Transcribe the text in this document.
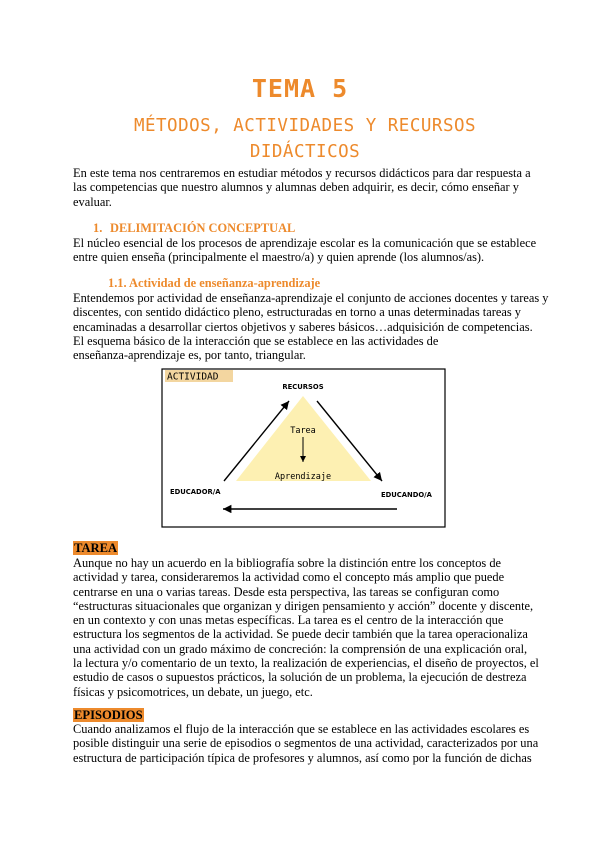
TEMA 5
MÉTODOS, ACTIVIDADES Y RECURSOS
DIDÁCTICOS
En este tema nos centraremos en estudiar métodos y recursos didácticos para dar respuesta a
las competencias que nuestro alumnos y alumnas deben adquirir, es decir, cómo enseñar y
evaluar.
1. DELIMITACIÓN CONCEPTUAL
El núcleo esencial de los procesos de aprendizaje escolar es la comunicación que se establece
entre quien enseña (principalmente el maestro/a) y quien aprende (los alumnos/as).
1.1. Actividad de enseñanza-aprendizaje
Entendemos por actividad de enseñanza-aprendizaje el conjunto de acciones docentes y tareas y
discentes, con sentido didáctico pleno, estructuradas en torno a unas determinadas tareas y
encaminadas a desarrollar ciertos objetivos y saberes básicos…adquisición de competencias.
El esquema básico de la interacción que se establece en las actividades de
enseñanza-aprendizaje es, por tanto, triangular.
ACTIVIDAD
RECURSOS
EDUCADOR/A	EDUCANDO/A
Tarea
Aprendizaje
TAREA
Aunque no hay un acuerdo en la bibliografía sobre la distinción entre los conceptos de
actividad y tarea, consideraremos la actividad como el concepto más amplio que puede
centrarse en una o varias tareas. Desde esta perspectiva, las tareas se configuran como
“estructuras situacionales que organizan y dirigen pensamiento y acción” docente y discente,
en un contexto y con unas metas específicas. La tarea es el centro de la interacción que
estructura los segmentos de la actividad. Se puede decir también que la tarea operacionaliza
una actividad con un grado máximo de concreción: la comprensión de una explicación oral,
la lectura y/o comentario de un texto, la realización de experiencias, el diseño de proyectos, el
estudio de casos o supuestos prácticos, la solución de un problema, la ejecución de destreza
físicas y psicomotrices, un debate, un juego, etc.
EPISODIOS
Cuando analizamos el flujo de la interacción que se establece en las actividades escolares es
posible distinguir una serie de episodios o segmentos de una actividad, caracterizados por una
estructura de participación típica de profesores y alumnos, así como por la función de dichas
